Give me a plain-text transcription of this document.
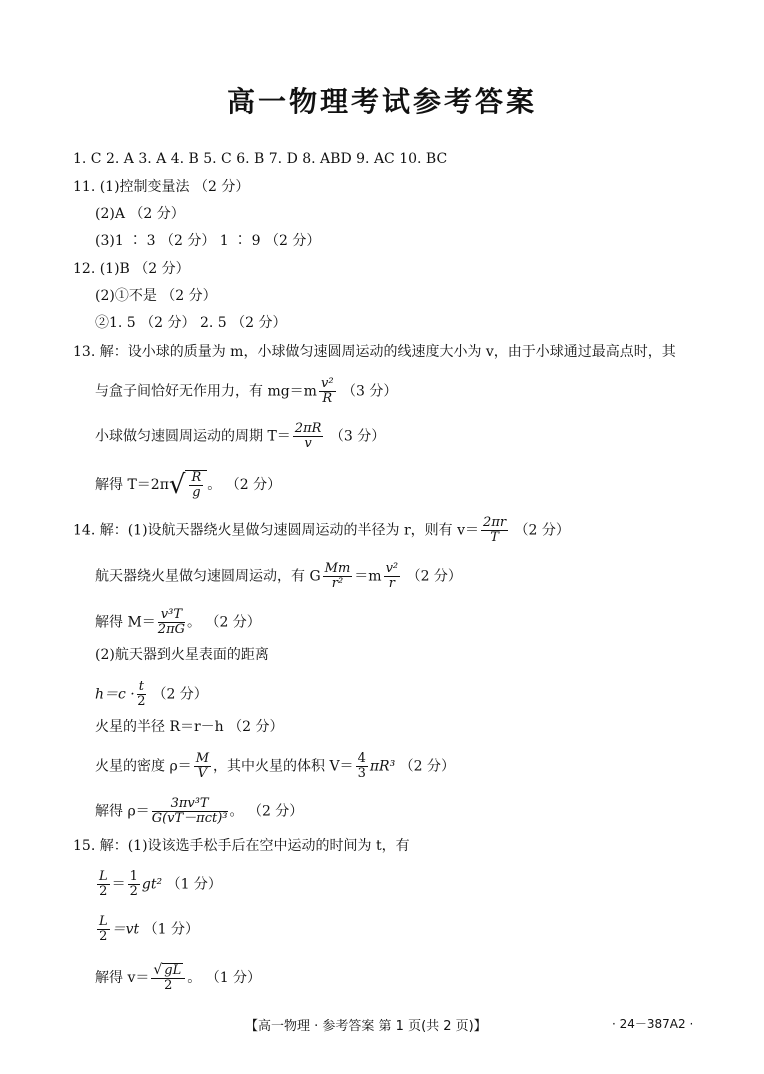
高一物理考试参考答案
1. C 2. A 3. A 4. B 5. C 6. B 7. D 8. ABD 9. AC 10. BC
11. (1)控制变量法 （2 分）
(2)A （2 分）
(3)1 ∶ 3 （2 分） 1 ∶ 9 （2 分）
12. (1)B （2 分）
(2)①不是 （2 分）
②1. 5 （2 分） 2. 5 （2 分）
13. 解：设小球的质量为 m，小球做匀速圆周运动的线速度大小为 v，由于小球通过最高点时，其
与盒子间恰好无作用力，有 $mg=m \frac{\text{v²}}{R} (3$ 分）
小球做匀速圆周运动的周期 $T= \frac{2\pi R}{v} (3$ 分）
解得 $T=2\pi√ \frac{R}{g}$ 。 （2 分）
14. 解：(1)设航天器绕火星做匀速圆周运动的半径为 r，则有 $v= \frac{2\pi r}{T} (2$ 分）
航天器绕火星做匀速圆周运动，有 G $\frac{Mm}{\text{r²}} =m \frac{\text{v²}}{r} (2$ 分）
解得 $M= \frac{\text{v³T}}{2\pi G}$ 。 （2 分）
(2)航天器到火星表面的距离
$h=c \cdot \frac{t}{2} (2$ 分）
火星的半径 R＝r－h （2 分）
火星的密度 $\rho= \frac{M}{V}$ ，其中火星的体积 $V= \frac{4}{3} \pi R^3$ （2 分）
解得 $\rho= \frac{\text{3πv³T}}{\text{G(vT－πct)³}}$ 。 （2 分）
15. 解：(1)设该选手松手后在空中运动的时间为 t，有
$\frac{L}{2} = \frac{1}{2} gt^2$ （1 分）
$\frac{L}{2} =vt$ （1 分）
解得 $v= \frac{√ gL}{2}$ 。 （1 分）
【高一物理 · 参考答案 第 1 页(共 2 页)】	· 24－387A2 ·
